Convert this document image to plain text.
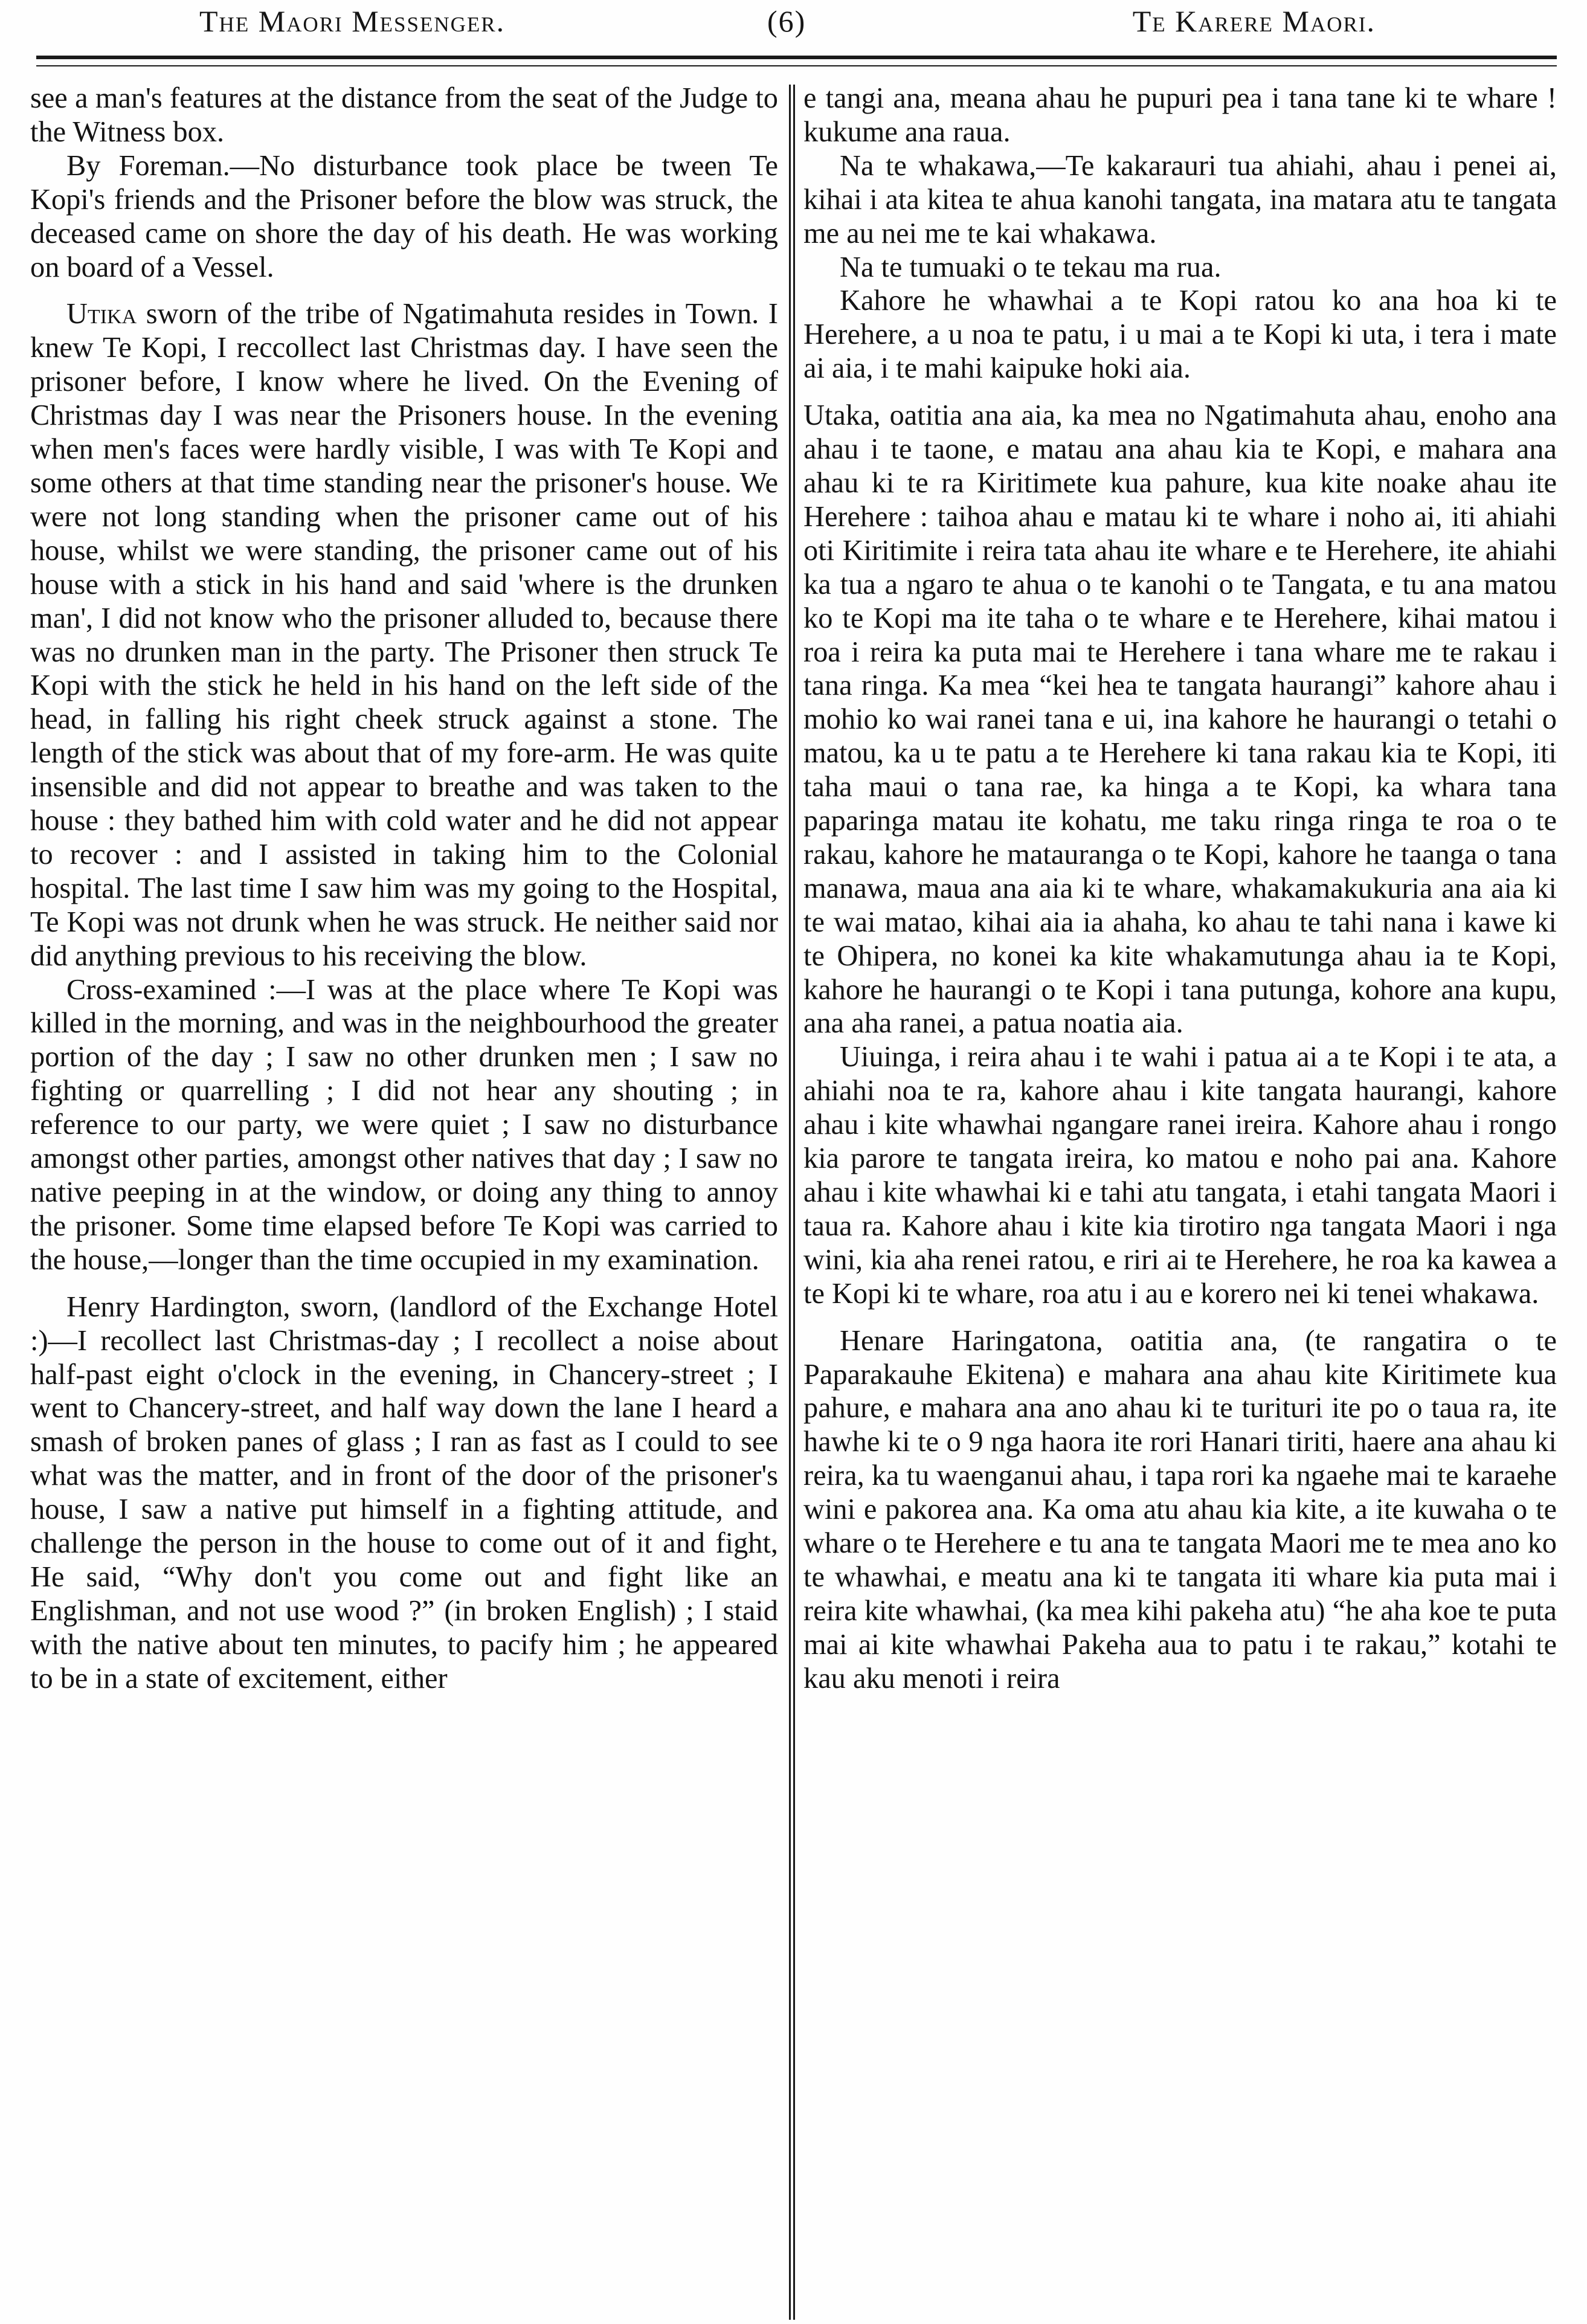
The Maori Messenger.	(6)	Te Karere Maori.

see a man's features at the distance from the seat of the Judge to the Witness box.

By Foreman.—No disturbance took place be tween Te Kopi's friends and the Prisoner before the blow was struck, the deceased came on shore the day of his death. He was working on board of a Vessel.

Utika sworn of the tribe of Ngatimahuta resides in Town. I knew Te Kopi, I reccollect last Christmas day. I have seen the prisoner before, I know where he lived. On the Evening of Christmas day I was near the Prisoners house. In the evening when men's faces were hardly visible, I was with Te Kopi and some others at that time standing near the prisoner's house. We were not long standing when the prisoner came out of his house, whilst we were standing, the prisoner came out of his house with a stick in his hand and said 'where is the drunken man', I did not know who the prisoner alluded to, because there was no drunken man in the party. The Prisoner then struck Te Kopi with the stick he held in his hand on the left side of the head, in falling his right cheek struck against a stone. The length of the stick was about that of my fore-arm. He was quite insensible and did not appear to breathe and was taken to the house : they bathed him with cold water and he did not appear to recover : and I assisted in taking him to the Colonial hospital. The last time I saw him was my going to the Hospital, Te Kopi was not drunk when he was struck. He neither said nor did anything previous to his receiving the blow.

Cross-examined :—I was at the place where Te Kopi was killed in the morning, and was in the neighbourhood the greater portion of the day ; I saw no other drunken men ; I saw no fighting or quarrelling ; I did not hear any shouting ; in reference to our party, we were quiet ; I saw no disturbance amongst other parties, amongst other natives that day ; I saw no native peeping in at the window, or doing any thing to annoy the prisoner. Some time elapsed before Te Kopi was carried to the house,—longer than the time occupied in my examination.

Henry Hardington, sworn, (landlord of the Exchange Hotel :)—I recollect last Christmas-day ; I recollect a noise about half-past eight o'clock in the evening, in Chancery-street ; I went to Chancery-street, and half way down the lane I heard a smash of broken panes of glass ; I ran as fast as I could to see what was the matter, and in front of the door of the prisoner's house, I saw a native put himself in a fighting attitude, and challenge the person in the house to come out of it and fight, He said, “Why don't you come out and fight like an Englishman, and not use wood ?” (in broken English) ; I staid with the native about ten minutes, to pacify him ; he appeared to be in a state of excitement, either

e tangi ana, meana ahau he pupuri pea i tana tane ki te whare ! kukume ana raua.

Na te whakawa,—Te kakarauri tua ahiahi, ahau i penei ai, kihai i ata kitea te ahua kanohi tangata, ina matara atu te tangata me au nei me te kai whakawa.

Na te tumuaki o te tekau ma rua.

Kahore he whawhai a te Kopi ratou ko ana hoa ki te Herehere, a u noa te patu, i u mai a te Kopi ki uta, i tera i mate ai aia, i te mahi kaipuke hoki aia.

Utaka, oatitia ana aia, ka mea no Ngatimahuta ahau, enoho ana ahau i te taone, e matau ana ahau kia te Kopi, e mahara ana ahau ki te ra Kiritimete kua pahure, kua kite noake ahau ite Herehere : taihoa ahau e matau ki te whare i noho ai, iti ahiahi oti Kiritimite i reira tata ahau ite whare e te Herehere, ite ahiahi ka tua a ngaro te ahua o te kanohi o te Tangata, e tu ana matou ko te Kopi ma ite taha o te whare e te Herehere, kihai matou i roa i reira ka puta mai te Herehere i tana whare me te rakau i tana ringa. Ka mea “kei hea te tangata haurangi” kahore ahau i mohio ko wai ranei tana e ui, ina kahore he haurangi o tetahi o matou, ka u te patu a te Herehere ki tana rakau kia te Kopi, iti taha maui o tana rae, ka hinga a te Kopi, ka whara tana paparinga matau ite kohatu, me taku ringa ringa te roa o te rakau, kahore he matauranga o te Kopi, kahore he taanga o tana manawa, maua ana aia ki te whare, whakamakukuria ana aia ki te wai matao, kihai aia ia ahaha, ko ahau te tahi nana i kawe ki te Ohipera, no konei ka kite whakamutunga ahau ia te Kopi, kahore he haurangi o te Kopi i tana putunga, kohore ana kupu, ana aha ranei, a patua noatia aia.

Uiuinga, i reira ahau i te wahi i patua ai a te Kopi i te ata, a ahiahi noa te ra, kahore ahau i kite tangata haurangi, kahore ahau i kite whawhai ngangare ranei ireira. Kahore ahau i rongo kia parore te tangata ireira, ko matou e noho pai ana. Kahore ahau i kite whawhai ki e tahi atu tangata, i etahi tangata Maori i taua ra. Kahore ahau i kite kia tirotiro nga tangata Maori i nga wini, kia aha renei ratou, e riri ai te Herehere, he roa ka kawea a te Kopi ki te whare, roa atu i au e korero nei ki tenei whakawa.

Henare Haringatona, oatitia ana, (te rangatira o te Paparakauhe Ekitena) e mahara ana ahau kite Kiritimete kua pahure, e mahara ana ano ahau ki te turituri ite po o taua ra, ite hawhe ki te o 9 nga haora ite rori Hanari tiriti, haere ana ahau ki reira, ka tu waenganui ahau, i tapa rori ka ngaehe mai te karaehe wini e pakorea ana. Ka oma atu ahau kia kite, a ite kuwaha o te whare o te Herehere e tu ana te tangata Maori me te mea ano ko te whawhai, e meatu ana ki te tangata iti whare kia puta mai i reira kite whawhai, (ka mea kihi pakeha atu) “he aha koe te puta mai ai kite whawhai Pakeha aua to patu i te rakau,” kotahi te kau aku menoti i reira
